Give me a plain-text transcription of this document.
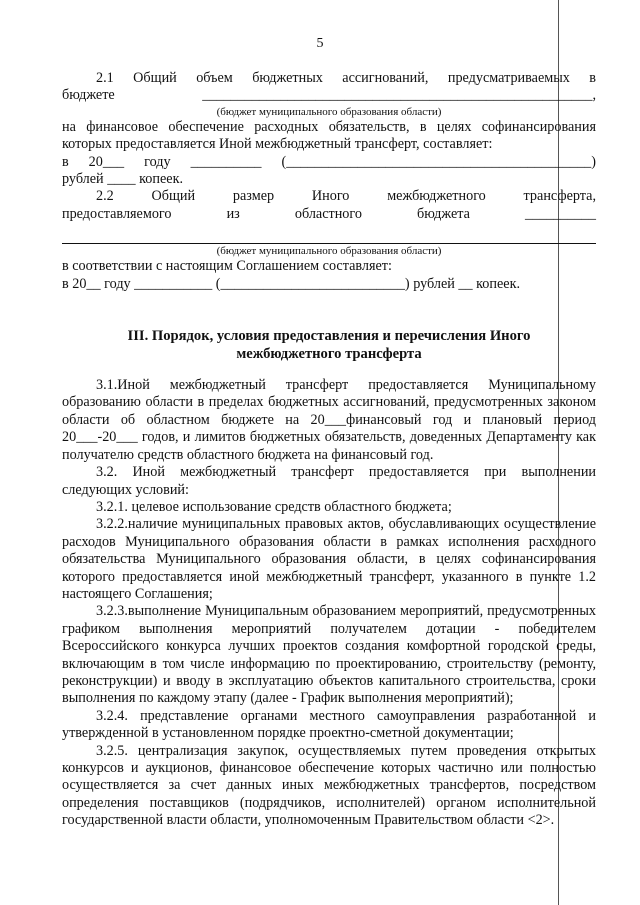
5

2.1 Общий объем бюджетных ассигнований, предусматриваемых в

бюджете _______________________________________________________,

(бюджет муниципального образования области)

на финансовое обеспечение расходных обязательств, в целях софинансирования

которых предоставляется Иной межбюджетный трансферт, составляет:

в 20___ году __________ (___________________________________________)

рублей ____ копеек.

2.2 Общий размер Иного межбюджетного трансферта,

предоставляемого из областного бюджета __________

(бюджет муниципального образования области)

в соответствии с настоящим Соглашением составляет:

в 20__ году ___________ (__________________________) рублей __ копеек.

III. Порядок, условия предоставления и перечисления Иного
межбюджетного трансферта

3.1.Иной межбюджетный трансферт предоставляется Муниципальному образованию области в пределах бюджетных ассигнований, предусмотренных законом области об областном бюджете на 20___финансовый год и плановый период 20___-20___ годов, и лимитов бюджетных обязательств, доведенных Департаменту как получателю средств областного бюджета на финансовый год.

3.2. Иной межбюджетный трансферт предоставляется при выполнении следующих условий:

3.2.1. целевое использование средств областного бюджета;

3.2.2.наличие муниципальных правовых актов, обуславливающих осуществление расходов Муниципального образования области в рамках исполнения расходного обязательства Муниципального образования области, в целях софинансирования которого предоставляется иной межбюджетный трансферт, указанного в пункте 1.2 настоящего Соглашения;

3.2.3.выполнение Муниципальным образованием мероприятий, предусмотренных графиком выполнения мероприятий получателем дотации - победителем Всероссийского конкурса лучших проектов создания комфортной городской среды, включающим в том числе информацию по проектированию, строительству (ремонту, реконструкции) и вводу в эксплуатацию объектов капитального строительства, сроки выполнения по каждому этапу (далее - График выполнения мероприятий);

3.2.4. представление органами местного самоуправления разработанной и утвержденной в установленном порядке проектно-сметной документации;

3.2.5. централизация закупок, осуществляемых путем проведения открытых конкурсов и аукционов, финансовое обеспечение которых частично или полностью осуществляется за счет данных иных межбюджетных трансфертов, посредством определения поставщиков (подрядчиков, исполнителей) органом исполнительной государственной власти области, уполномоченным Правительством области <2>.
